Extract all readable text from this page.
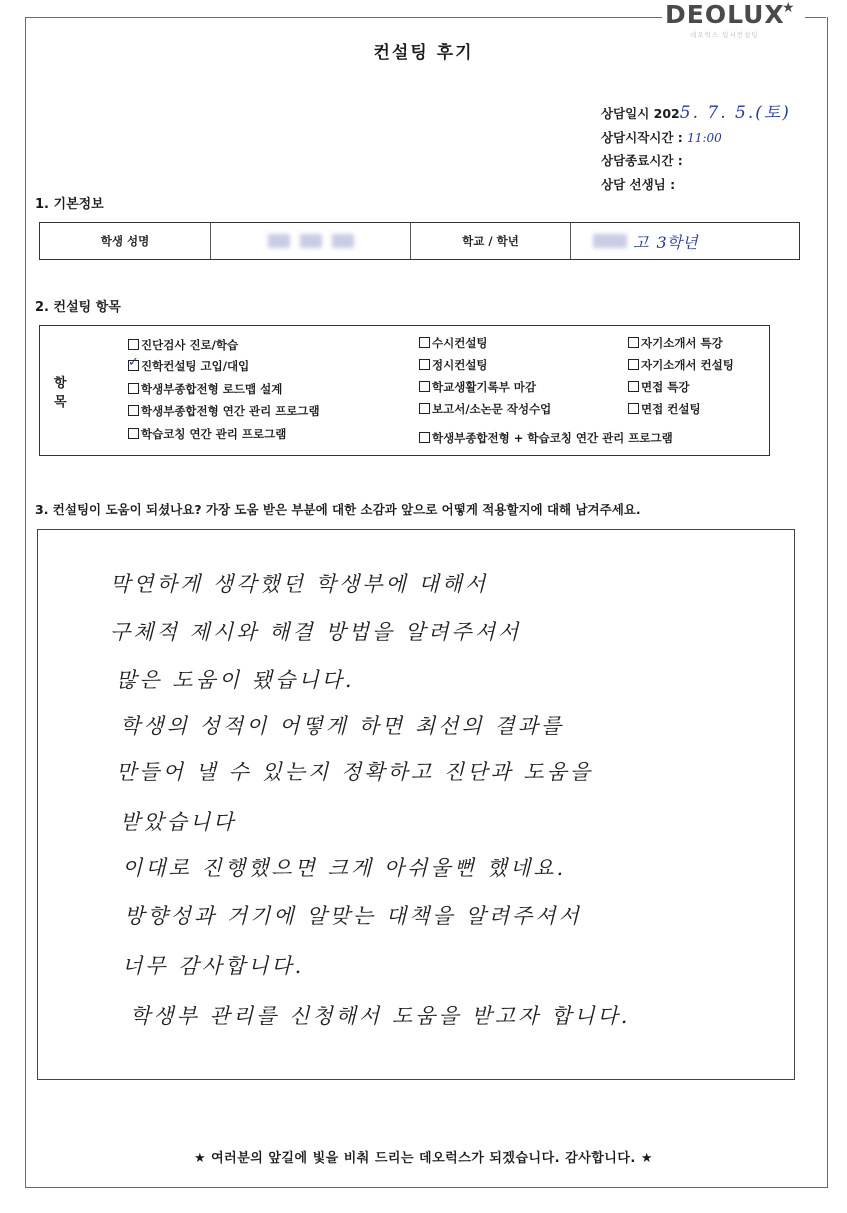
DEOLUX
★
데오럭스 입시컨설팅
컨설팅 후기
상담일시 2025. 7. 5.(토)
상담시작시간 : 11:00
상담종료시간 :
상담 선생님 :
1. 기본정보
학생 성명	학교 / 학년	고 3학년
2. 컨설팅 항목
항 목
진단검사 진로/학습
✓ 진학컨설팅 고입/대입
학생부종합전형 로드맵 설계
학생부종합전형 연간 관리 프로그램
학습코칭 연간 관리 프로그램
수시컨설팅
정시컨설팅
학교생활기록부 마감
보고서/소논문 작성수업
학생부종합전형 + 학습코칭 연간 관리 프로그램
자기소개서 특강
자기소개서 컨설팅
면접 특강
면접 컨설팅
3. 컨설팅이 도움이 되셨나요? 가장 도움 받은 부분에 대한 소감과 앞으로 어떻게 적용할지에 대해 남겨주세요.
막연하게 생각했던 학생부에 대해서
구체적 제시와 해결 방법을 알려주셔서
많은 도움이 됐습니다.
학생의 성적이 어떻게 하면 최선의 결과를
만들어 낼 수 있는지 정확하고 진단과 도움을
받았습니다
이대로 진행했으면 크게 아쉬울뻔 했네요.
방향성과 거기에 알맞는 대책을 알려주셔서
너무 감사합니다.
학생부 관리를 신청해서 도움을 받고자 합니다.
★ 여러분의 앞길에 빛을 비춰 드리는 데오럭스가 되겠습니다. 감사합니다. ★
